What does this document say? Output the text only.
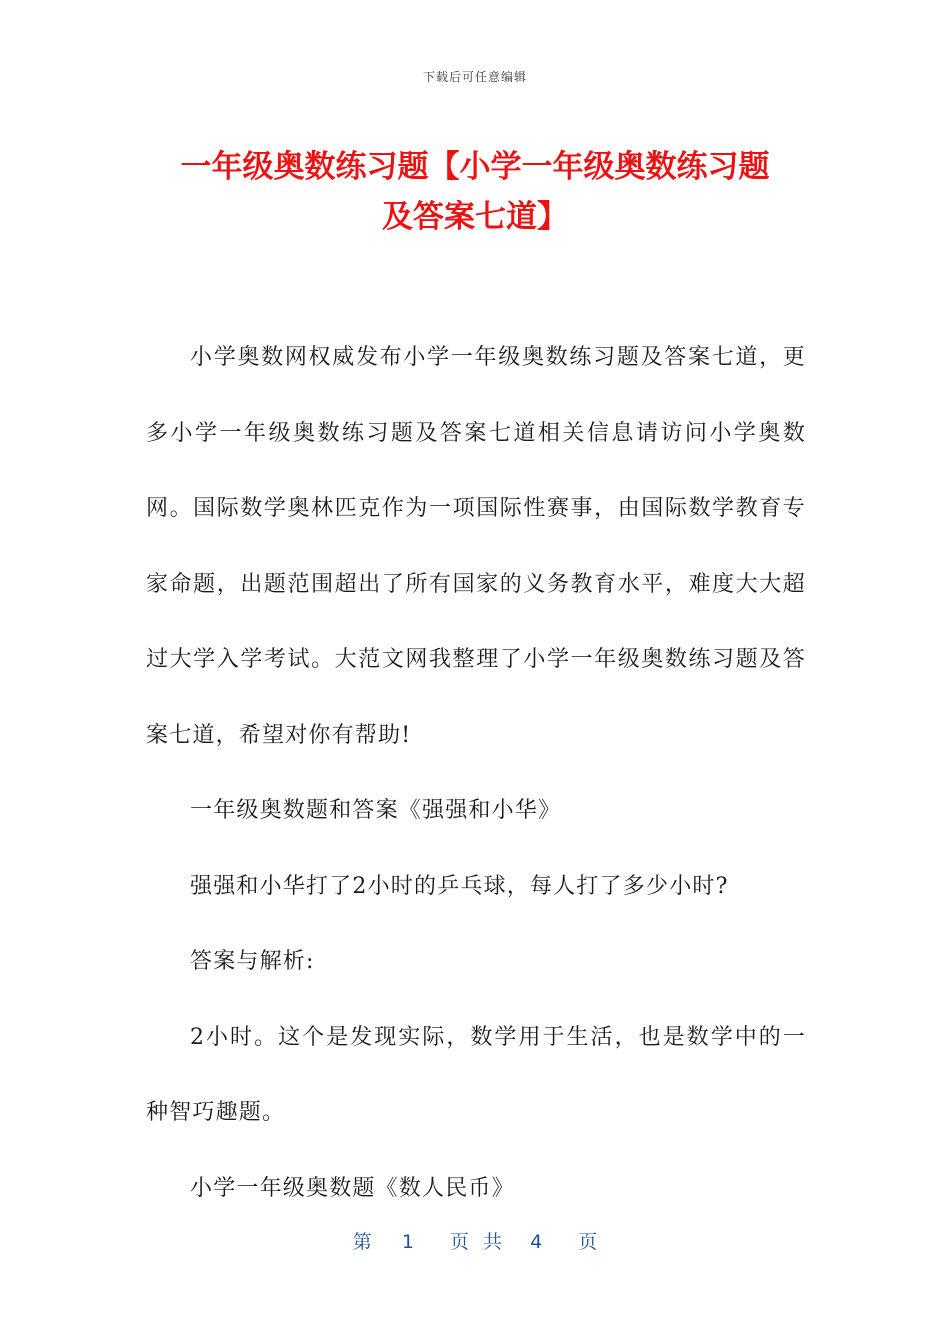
下载后可任意编辑
一年级奥数练习题【小学一年级奥数练习题
及答案七道】

小学奥数网权威发布小学一年级奥数练习题及答案七道，更多小学一年级奥数练习题及答案七道相关信息请访问小学奥数网。国际数学奥林匹克作为一项国际性赛事，由国际数学教育专家命题，出题范围超出了所有国家的义务教育水平，难度大大超过大学入学考试。大范文网我整理了小学一年级奥数练习题及答案七道，希望对你有帮助!

一年级奥数题和答案《强强和小华》

强强和小华打了2小时的乒乓球，每人打了多少小时?

答案与解析:

2小时。这个是发现实际，数学用于生活，也是数学中的一种智巧趣题。

小学一年级奥数题《数人民币》

第 1 页 共 4 页
